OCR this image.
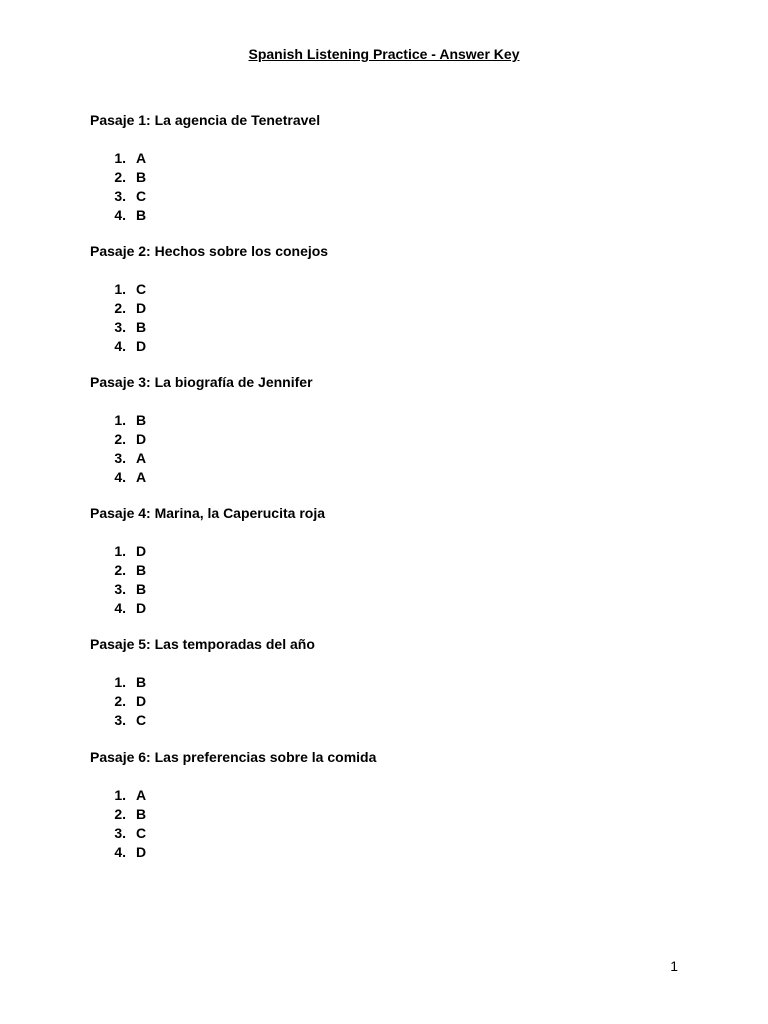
Spanish Listening Practice - Answer Key
Pasaje 1: La agencia de Tenetravel
1. A
2. B
3. C
4. B
Pasaje 2: Hechos sobre los conejos
1. C
2. D
3. B
4. D
Pasaje 3: La biografía de Jennifer
1. B
2. D
3. A
4. A
Pasaje 4: Marina, la Caperucita roja
1. D
2. B
3. B
4. D
Pasaje 5: Las temporadas del año
1. B
2. D
3. C
Pasaje 6: Las preferencias sobre la comida
1. A
2. B
3. C
4. D
1
